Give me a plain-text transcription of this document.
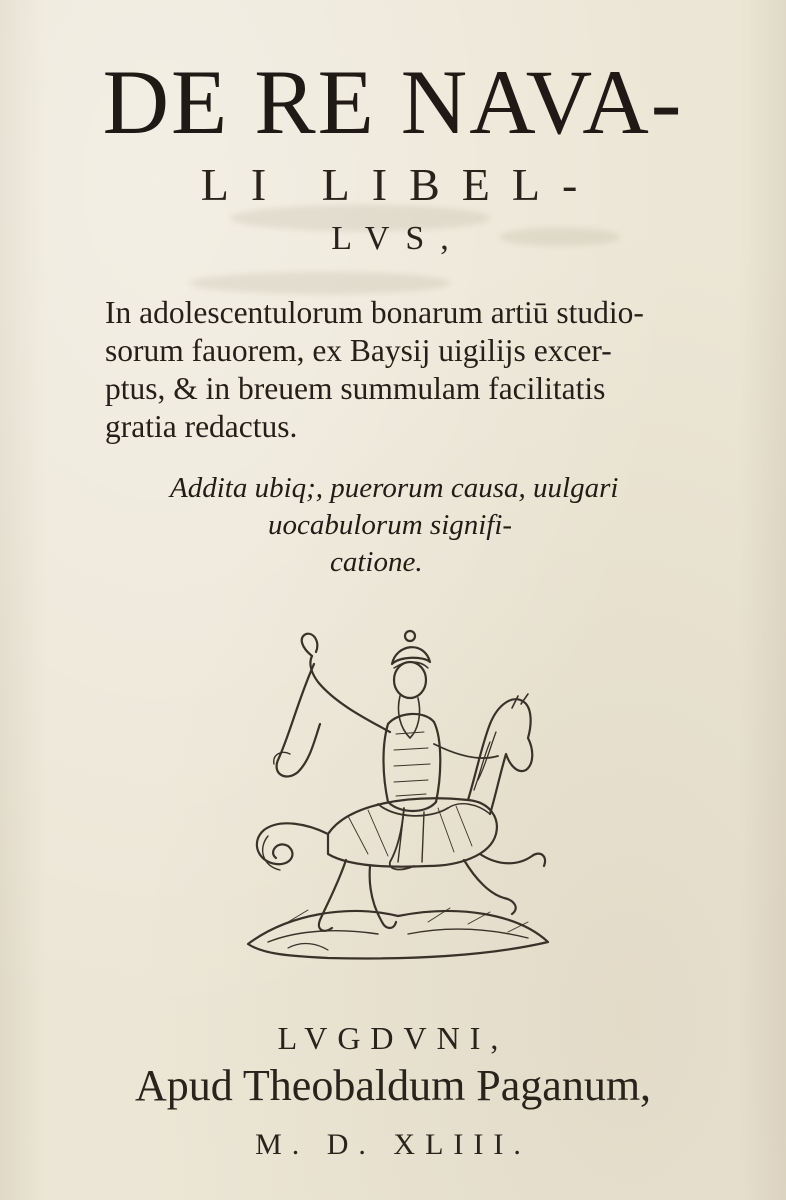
DE RE NAVA-
LI LIBEL-
LVS,
In adolescentulorum bonarum artiū studio-
sorum fauorem, ex Baysij uigilijs excer-
ptus, & in breuem summulam facilitatis
gratia redactus.
Addita ubiq;, puerorum causa, uulgari
uocabulorum signifi-
catione.
LVGDVNI,
Apud Theobaldum Paganum,
M. D. XLIII.
